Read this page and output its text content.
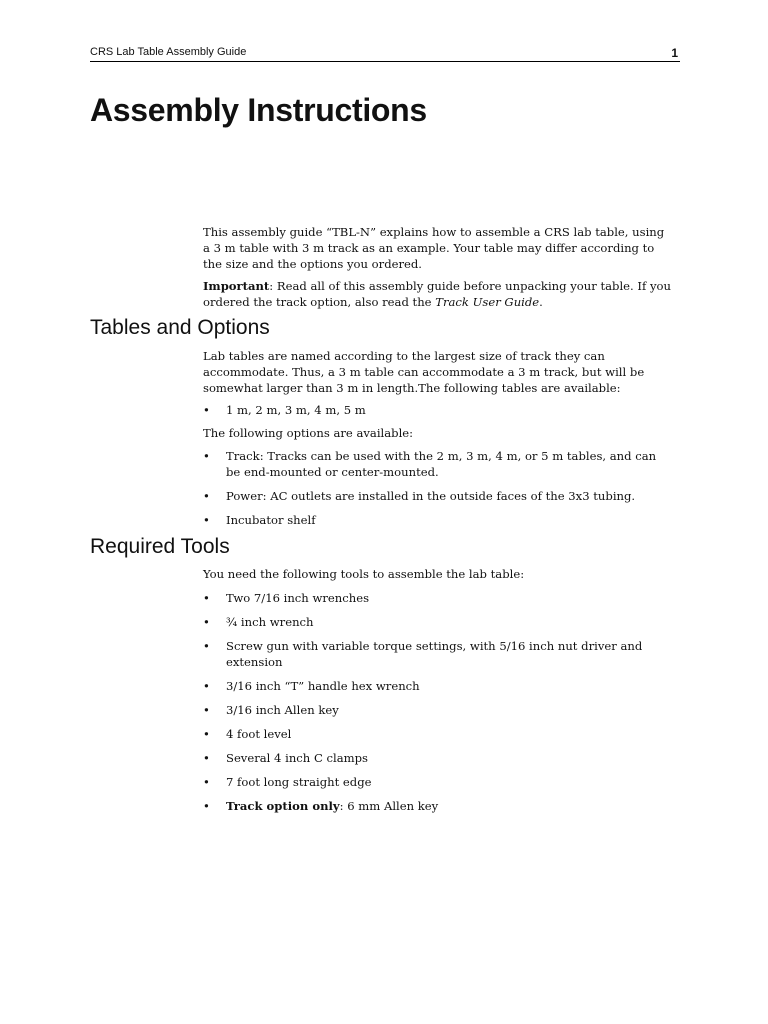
CRS Lab Table Assembly Guide	1
Assembly Instructions

This assembly guide “TBL-N” explains how to assemble a CRS lab table, using a 3 m table with 3 m track as an example. Your table may differ according to the size and the options you ordered.

Important: Read all of this assembly guide before unpacking your table. If you ordered the track option, also read the Track User Guide.

Tables and Options

Lab tables are named according to the largest size of track they can accommodate. Thus, a 3 m table can accommodate a 3 m track, but will be somewhat larger than 3 m in length.The following tables are available:

• 1 m, 2 m, 3 m, 4 m, 5 m

The following options are available:

• Track: Tracks can be used with the 2 m, 3 m, 4 m, or 5 m tables, and can be end-mounted or center-mounted.
• Power: AC outlets are installed in the outside faces of the 3x3 tubing.
• Incubator shelf
Required Tools

You need the following tools to assemble the lab table:

• Two 7/16 inch wrenches
• ¾ inch wrench
• Screw gun with variable torque settings, with 5/16 inch nut driver and extension
• 3/16 inch “T” handle hex wrench
• 3/16 inch Allen key
• 4 foot level
• Several 4 inch C clamps
• 7 foot long straight edge
• Track option only: 6 mm Allen key
